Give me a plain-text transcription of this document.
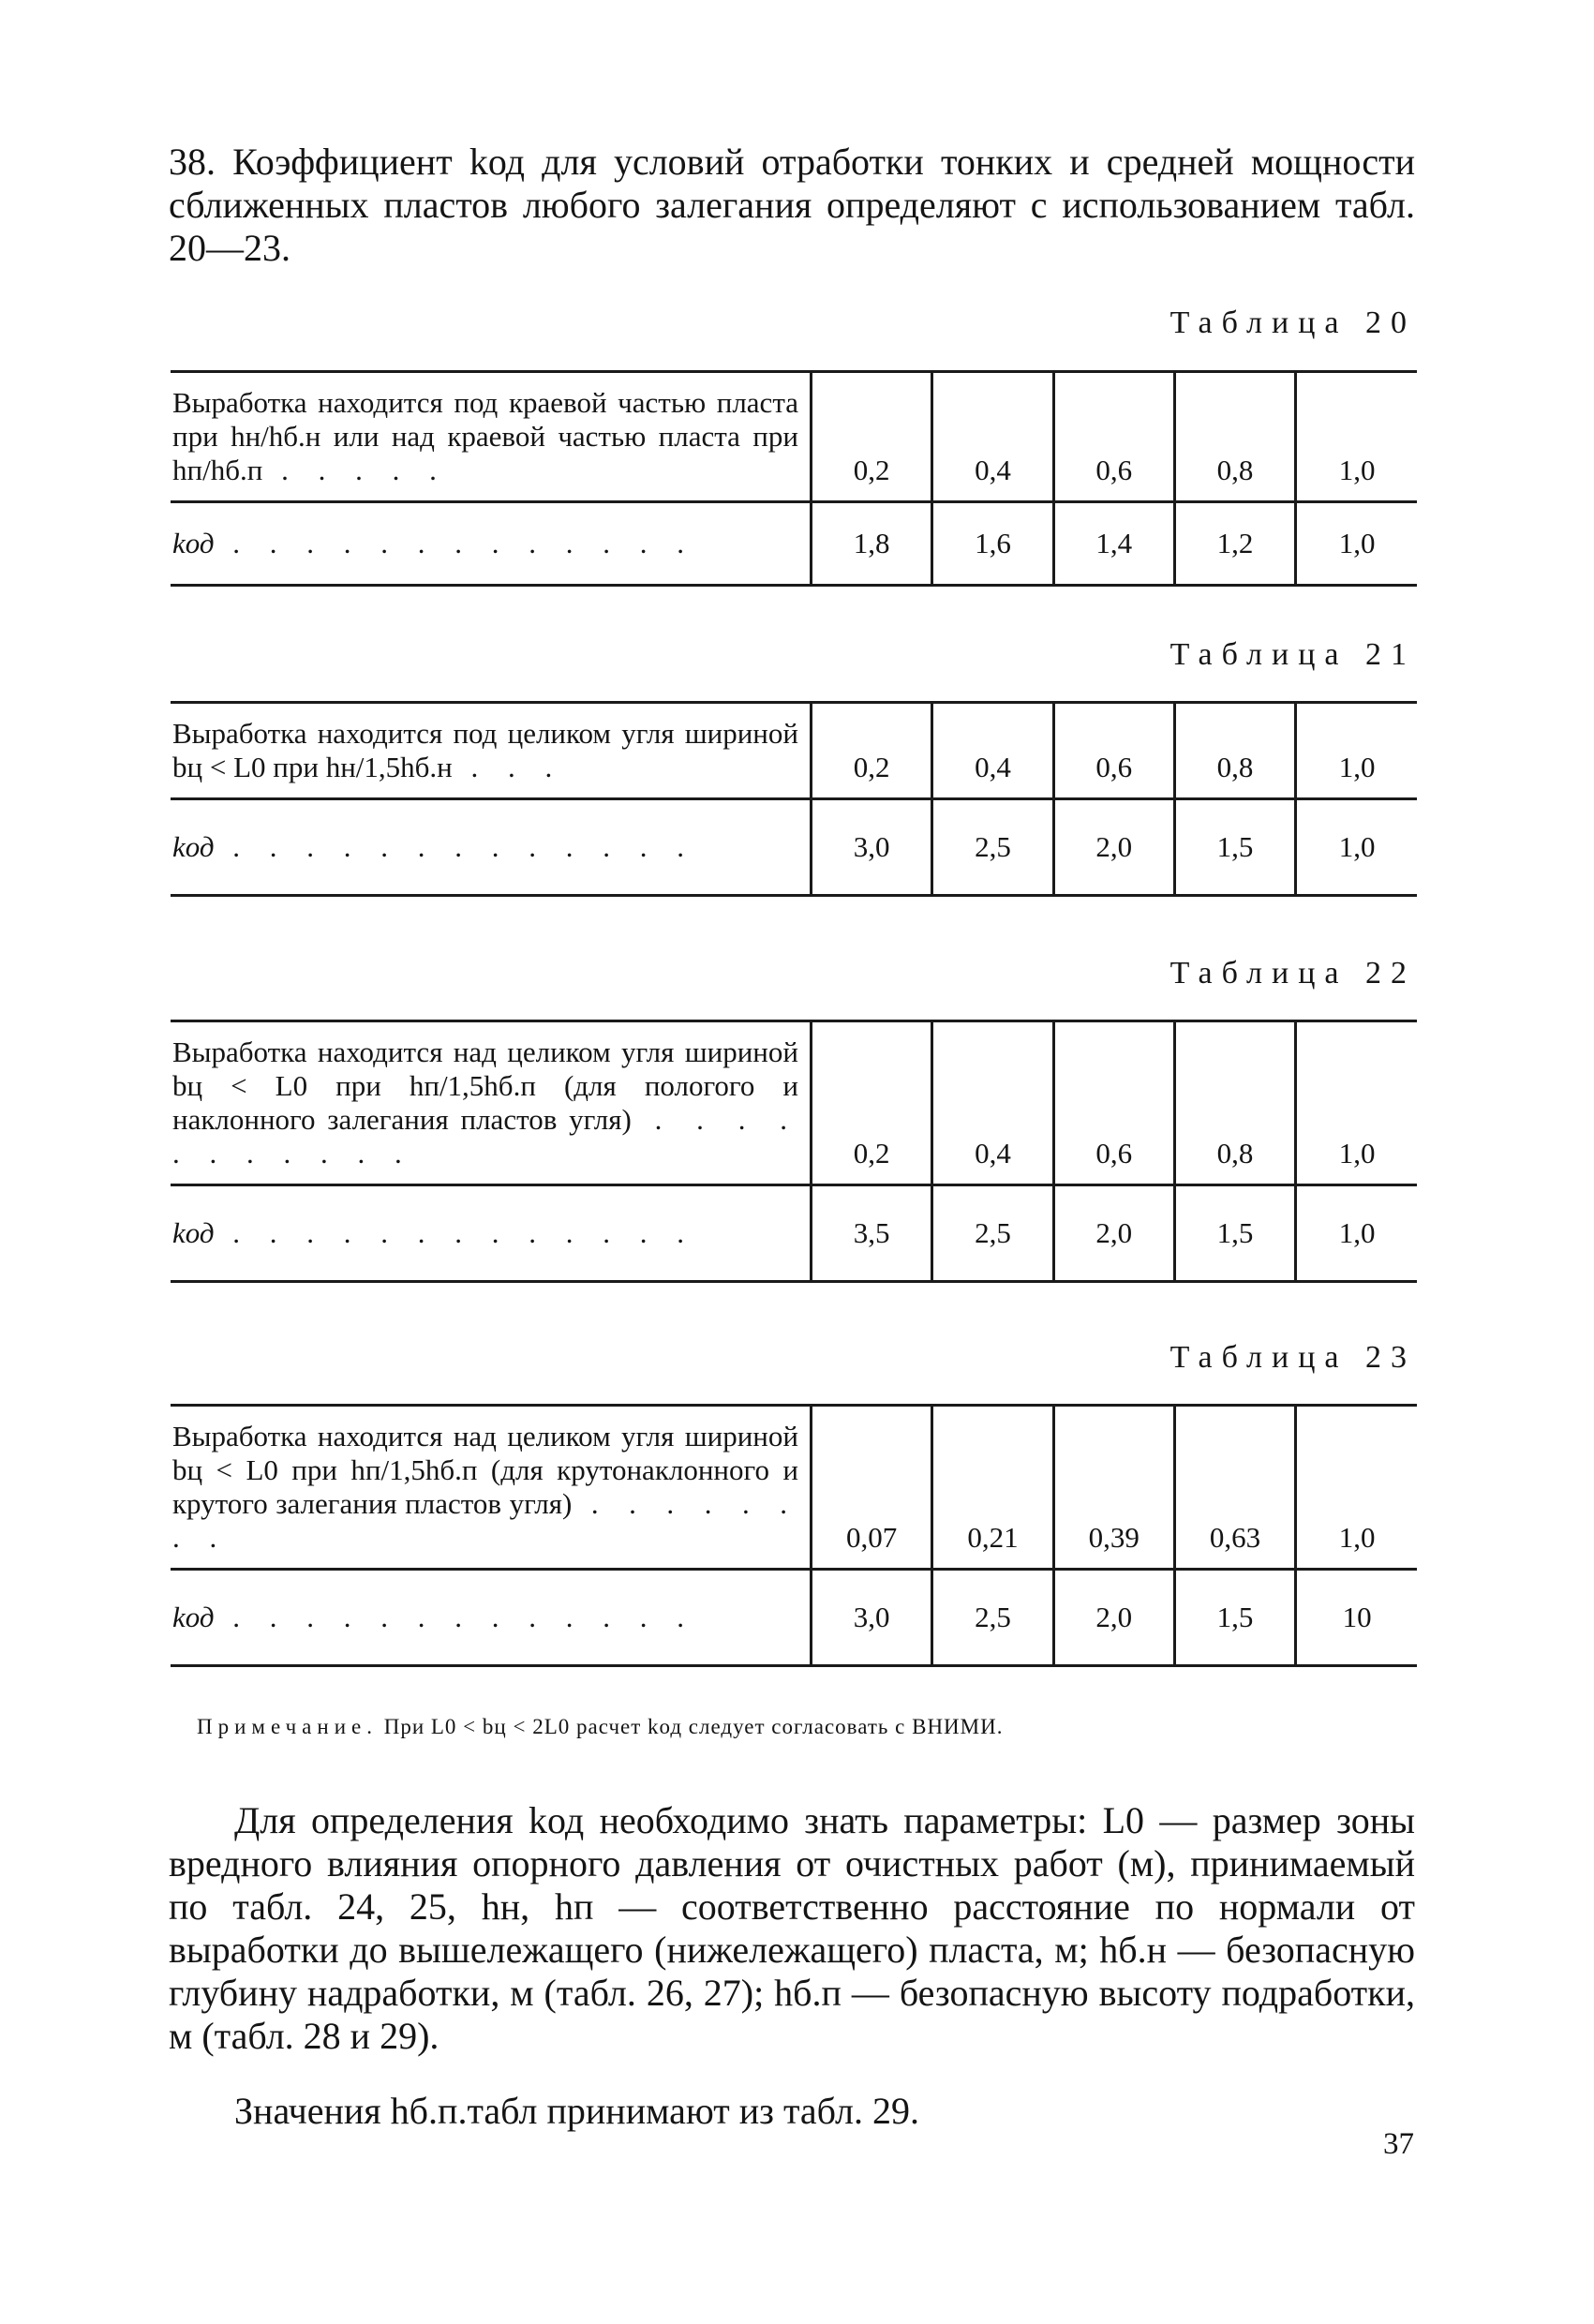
38. Коэффициент kод для условий отработки тонких и средней мощности сближенных пластов любого залегания определяют с использованием табл. 20—23.

Таблица 20
Выработка находится под краевой частью пласта при hн/hб.н или над краевой частью пласта при hп/hб.п . . . . .	0,2	0,4	0,6	0,8	1,0
kод . . . . . . . . . . . . .	1,8	1,6	1,4	1,2	1,0
Таблица 21
Выработка находится под целиком угля шириной bц < L0 при hн/1,5hб.н . . .	0,2	0,4	0,6	0,8	1,0
kод . . . . . . . . . . . . .	3,0	2,5	2,0	1,5	1,0
Таблица 22
Выработка находится над целиком угля шириной bц < L0 при hп/1,5hб.п (для пологого и наклонного залегания пластов угля) . . . . . . . . . . .	0,2	0,4	0,6	0,8	1,0
kод . . . . . . . . . . . . .	3,5	2,5	2,0	1,5	1,0
Таблица 23
Выработка находится над целиком угля шириной bц < L0 при hп/1,5hб.п (для крутонаклонного и крутого залегания пластов угля) . . . . . . . .	0,07	0,21	0,39	0,63	1,0
kод . . . . . . . . . . . . .	3,0	2,5	2,0	1,5	10
Примечание. При L0 < bц < 2L0 расчет kод следует согласовать с ВНИМИ.

Для определения kод необходимо знать параметры: L0 — размер зоны вредного влияния опорного давления от очистных работ (м), принимаемый по табл. 24, 25, hн, hп — соответственно расстояние по нормали от выработки до вышележащего (нижележащего) пласта, м; hб.н — безопасную глубину надработки, м (табл. 26, 27); hб.п — безопасную высоту подработки, м (табл. 28 и 29).

Значения hб.п.табл принимают из табл. 29.

37
